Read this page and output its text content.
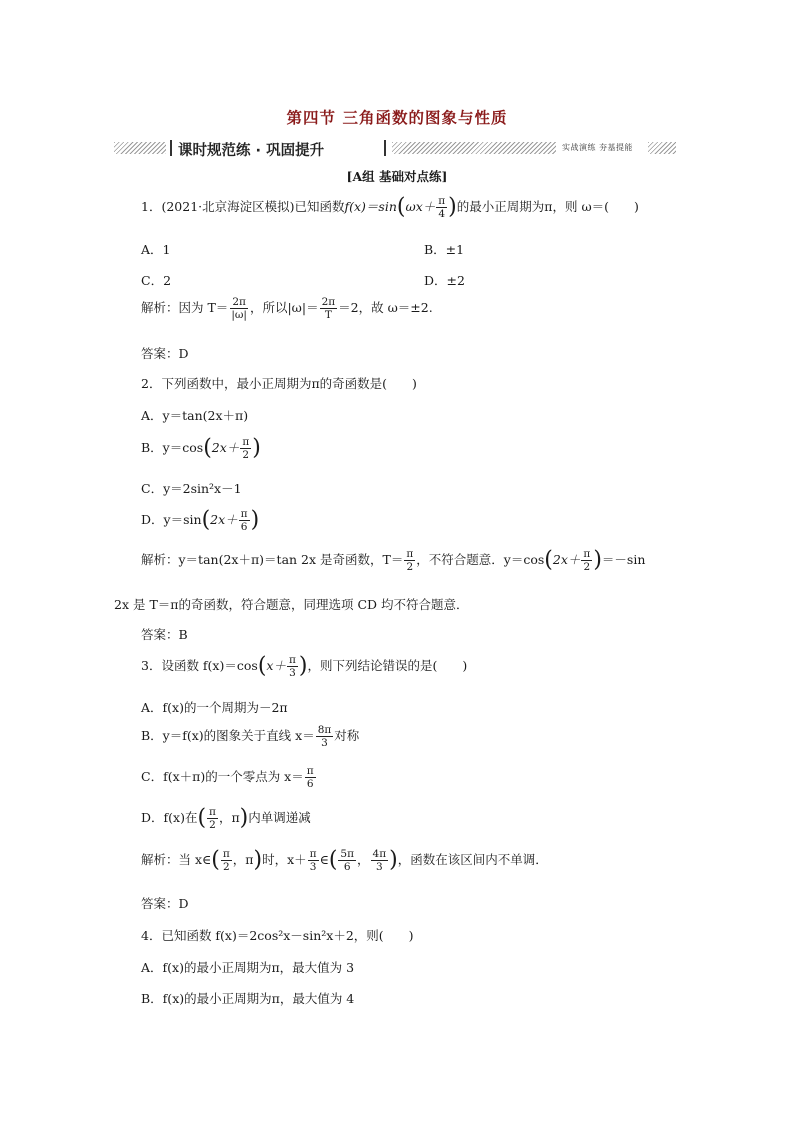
第四节 三角函数的图象与性质
课时规范练 · 巩固提升	实战演练 夯基提能
[A组 基础对点练]
1．(2021·北京海淀区模拟)已知函数$f(x)=\sin(\omega x+ \frac{\pi}{4}$ )的最小正周期为π，则 ω＝(　　)
A．1	B．±1
C．2	D．±2
解析：因为 $T= \frac{2\pi}{|\omega|}$ ，所以$|\omega|= \frac{2\pi}{T} =2$，故 ω＝±2.
答案：D
2．下列函数中，最小正周期为π的奇函数是(　　)
A．y＝tan(2x＋π)
B．$y=\cos(2x+ \frac{\pi}{2}$ )
C．y＝2sin²x－1
D．$y=\sin(2x+ \frac{\pi}{6}$ )
解析：y＝tan(2x＋π)＝tan 2x 是奇函数，$T= \frac{\pi}{2}$ ，不符合题意．$y=\cos(2x+ \frac{\pi}{2} )=-\sin$
2x 是 T＝π的奇函数，符合题意，同理选项 CD 均不符合题意．
答案：B
3．设函数 $f(x)=\cos(x+ \frac{\pi}{3}$ )，则下列结论错误的是(　　)
A．f(x)的一个周期为－2π
B．y＝f(x)的图象关于直线 $x= \frac{8\pi}{3}$ 对称
C．f(x＋π)的一个零点为 $x= \frac{\pi}{6}$
D．f(x)在( $\frac{\pi}{2}$ ，π)内单调递减
解析：当 x∈( $\frac{\pi}{2}$ ，π)时，$x+ \frac{\pi}{3}$ ∈( $\frac{5\pi}{6}$ ， $\frac{4\pi}{3}$ )，函数在该区间内不单调．
答案：D
4．已知函数 f(x)＝2cos²x－sin²x＋2，则(　　)
A．f(x)的最小正周期为π，最大值为 3
B．f(x)的最小正周期为π，最大值为 4
